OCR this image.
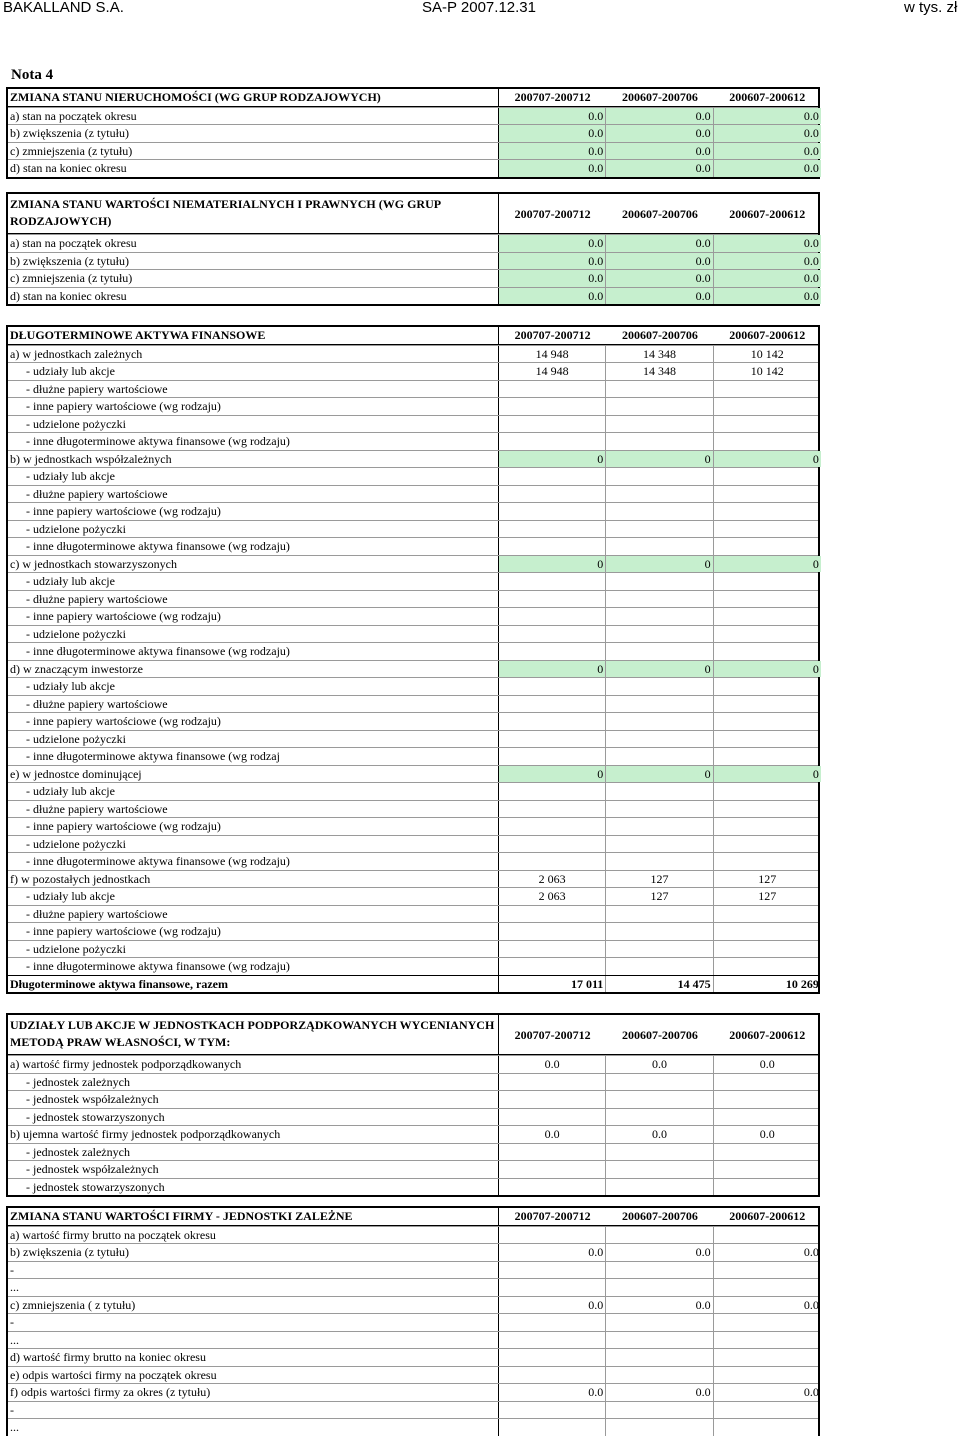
BAKALLAND S.A.	SA-P 2007.12.31	w tys. zł
Nota 4
ZMIANA STANU NIERUCHOMOŚCI (WG GRUP RODZAJOWYCH)	200707-200712	200607-200706	200607-200612
a) stan na początek okresu	0.0	0.0	0.0
b) zwiększenia (z tytułu)	0.0	0.0	0.0
c) zmniejszenia (z tytułu)	0.0	0.0	0.0
d) stan na koniec okresu	0.0	0.0	0.0
ZMIANA STANU WARTOŚCI NIEMATERIALNYCH I PRAWNYCH (WG GRUP RODZAJOWYCH)	200707-200712	200607-200706	200607-200612
a) stan na początek okresu	0.0	0.0	0.0
b) zwiększenia (z tytułu)	0.0	0.0	0.0
c) zmniejszenia (z tytułu)	0.0	0.0	0.0
d) stan na koniec okresu	0.0	0.0	0.0
DŁUGOTERMINOWE AKTYWA FINANSOWE	200707-200712	200607-200706	200607-200612
a) w jednostkach zależnych	14 948	14 348	10 142
- udziały lub akcje	14 948	14 348	10 142
- dłużne papiery wartościowe
- inne papiery wartościowe (wg rodzaju)
- udzielone pożyczki
- inne długoterminowe aktywa finansowe (wg rodzaju)
b) w jednostkach współzależnych	0	0	0
- udziały lub akcje
- dłużne papiery wartościowe
- inne papiery wartościowe (wg rodzaju)
- udzielone pożyczki
- inne długoterminowe aktywa finansowe (wg rodzaju)
c) w jednostkach stowarzyszonych	0	0	0
- udziały lub akcje
- dłużne papiery wartościowe
- inne papiery wartościowe (wg rodzaju)
- udzielone pożyczki
- inne długoterminowe aktywa finansowe (wg rodzaju)
d) w znaczącym inwestorze	0	0	0
- udziały lub akcje
- dłużne papiery wartościowe
- inne papiery wartościowe (wg rodzaju)
- udzielone pożyczki
- inne długoterminowe aktywa finansowe (wg rodzaj
e) w jednostce dominującej	0	0	0
- udziały lub akcje
- dłużne papiery wartościowe
- inne papiery wartościowe (wg rodzaju)
- udzielone pożyczki
- inne długoterminowe aktywa finansowe (wg rodzaju)
f) w pozostałych jednostkach	2 063	127	127
- udziały lub akcje	2 063	127	127
- dłużne papiery wartościowe
- inne papiery wartościowe (wg rodzaju)
- udzielone pożyczki
- inne długoterminowe aktywa finansowe (wg rodzaju)
Długoterminowe aktywa finansowe, razem	17 011	14 475	10 269
UDZIAŁY LUB AKCJE W JEDNOSTKACH PODPORZĄDKOWANYCH WYCENIANYCH METODĄ PRAW WŁASNOŚCI, W TYM:	200707-200712	200607-200706	200607-200612
a) wartość firmy jednostek podporządkowanych	0.0	0.0	0.0
- jednostek zależnych
- jednostek współzależnych
- jednostek stowarzyszonych
b) ujemna wartość firmy jednostek podporządkowanych	0.0	0.0	0.0
- jednostek zależnych
- jednostek współzależnych
- jednostek stowarzyszonych
ZMIANA STANU WARTOŚCI FIRMY - JEDNOSTKI ZALEŻNE	200707-200712	200607-200706	200607-200612
a) wartość firmy brutto na początek okresu
b) zwiększenia (z tytułu)	0.0	0.0	0.0
-
...
c) zmniejszenia ( z tytułu)	0.0	0.0	0.0
-
...
d) wartość firmy brutto na koniec okresu
e) odpis wartości firmy na początek okresu
f) odpis wartości firmy za okres (z tytułu)	0.0	0.0	0.0
-
...
